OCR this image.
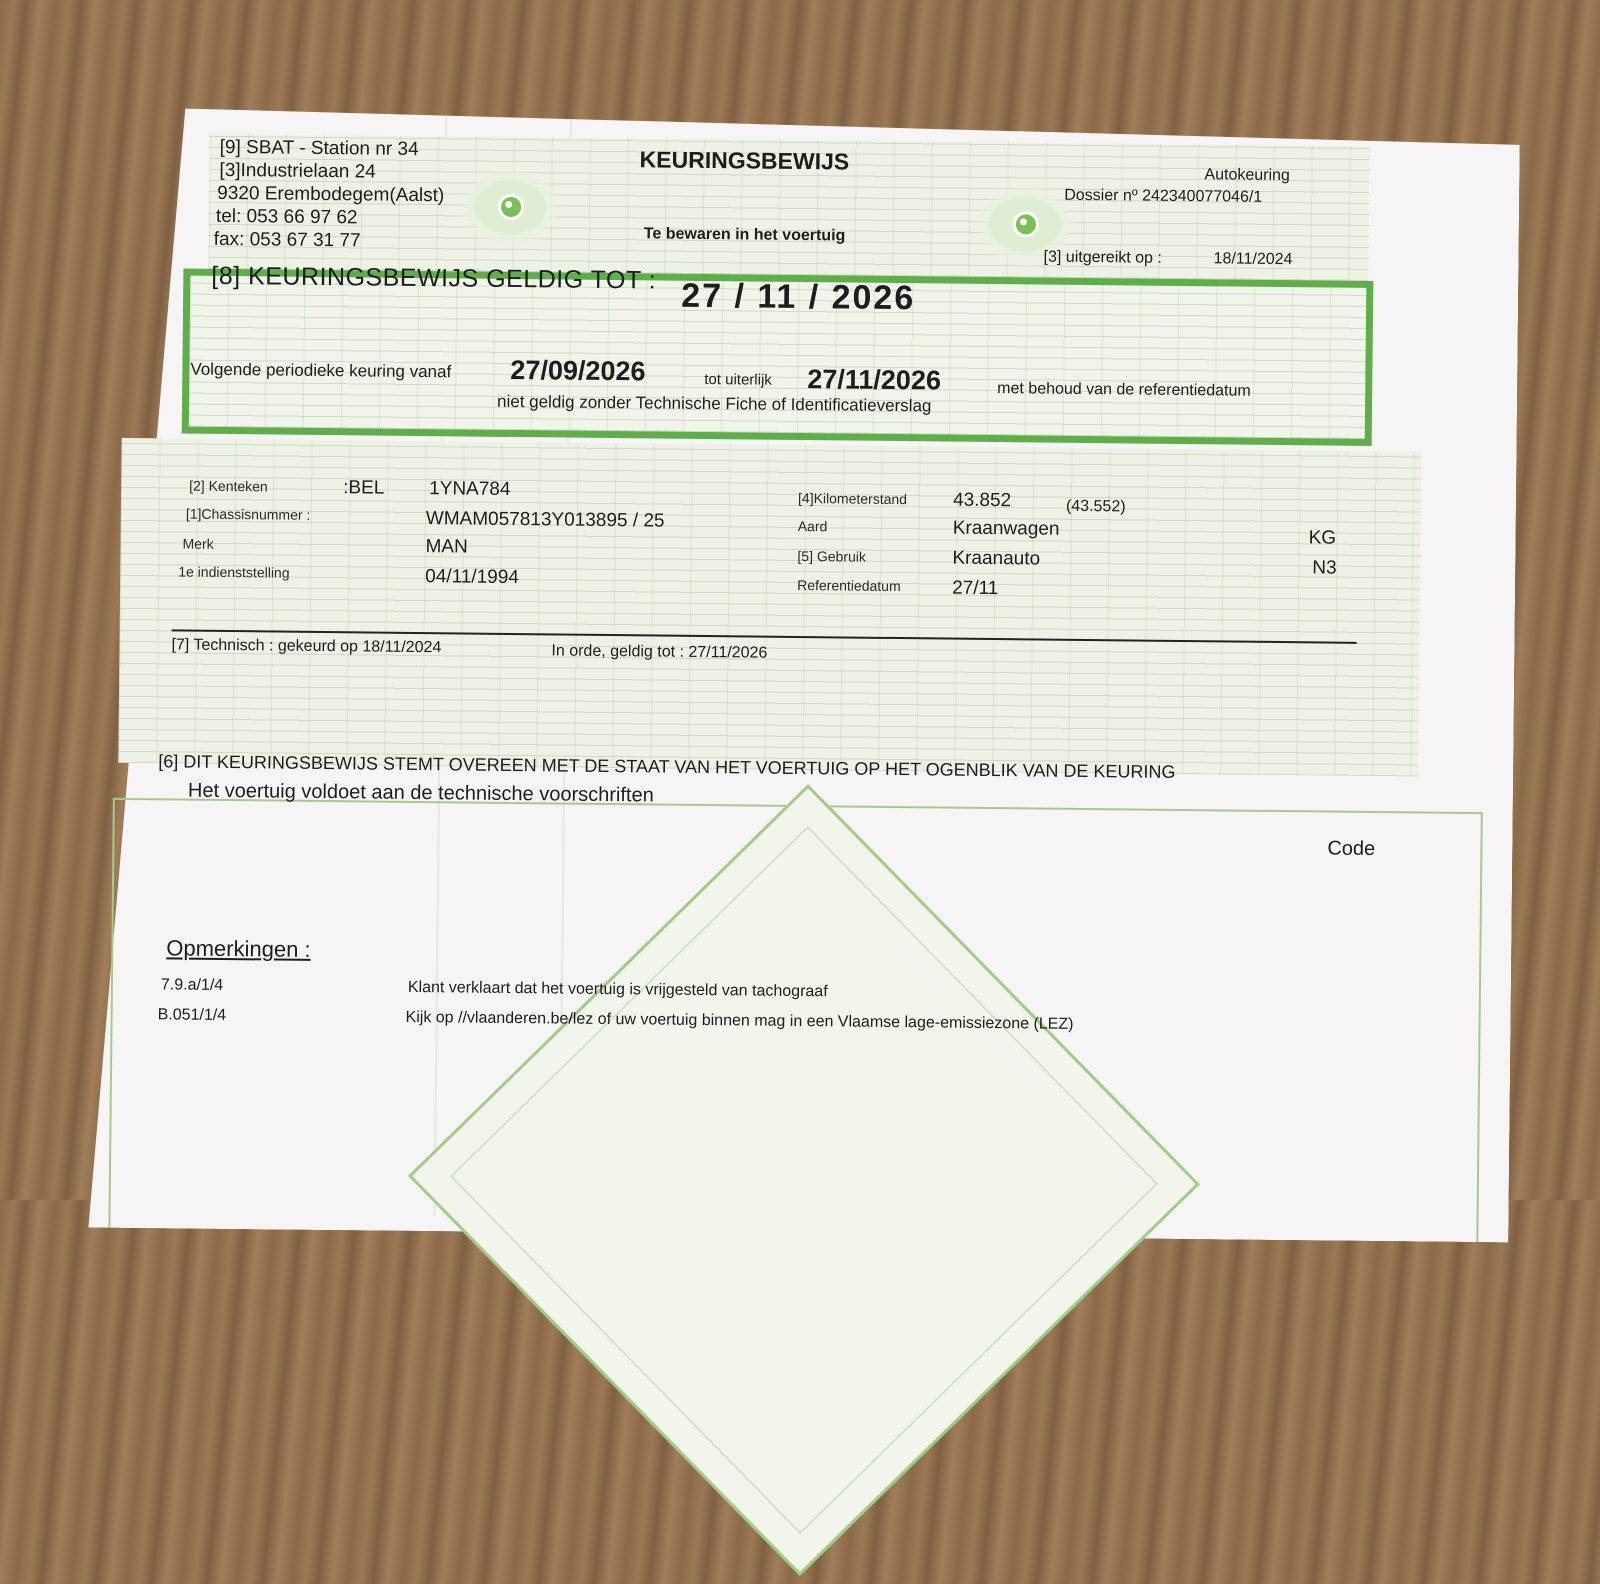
[9] SBAT - Station nr 34
[3]Industrielaan 24
9320 Erembodegem(Aalst)
tel: 053 66 97 62
fax: 053 67 31 77
KEURINGSBEWIJS
Te bewaren in het voertuig
Autokeuring
Dossier nº 242340077046/1
[3] uitgereikt op :	18/11/2024
[8] KEURINGSBEWIJS GELDIG TOT : 27 / 11 / 2026
Volgende periodieke keuring vanaf 27/09/2026	tot uiterlijk 27/11/2026	met behoud van de referentiedatum
niet geldig zonder Technische Fiche of Identificatieverslag
[2] Kenteken	:BEL 1YNA784
[1]Chassisnummer :	WMAM057813Y013895 / 25
Merk	MAN
1e indienststelling	04/11/1994
[4]Kilometerstand 43.852	(43.552)
Aard	Kraanwagen	KG
[5] Gebruik	Kraanauto	N3
Referentiedatum	27/11
[7] Technisch : gekeurd op 18/11/2024	In orde, geldig tot : 27/11/2026
[6] DIT KEURINGSBEWIJS STEMT OVEREEN MET DE STAAT VAN HET VOERTUIG OP HET OGENBLIK VAN DE KEURING
Het voertuig voldoet aan de technische voorschriften
Code
Opmerkingen :
7.9.a/1/4	Klant verklaart dat het voertuig is vrijgesteld van tachograaf
B.051/1/4	Kijk op //vlaanderen.be/lez of uw voertuig binnen mag in een Vlaamse lage-emissiezone (LEZ)
